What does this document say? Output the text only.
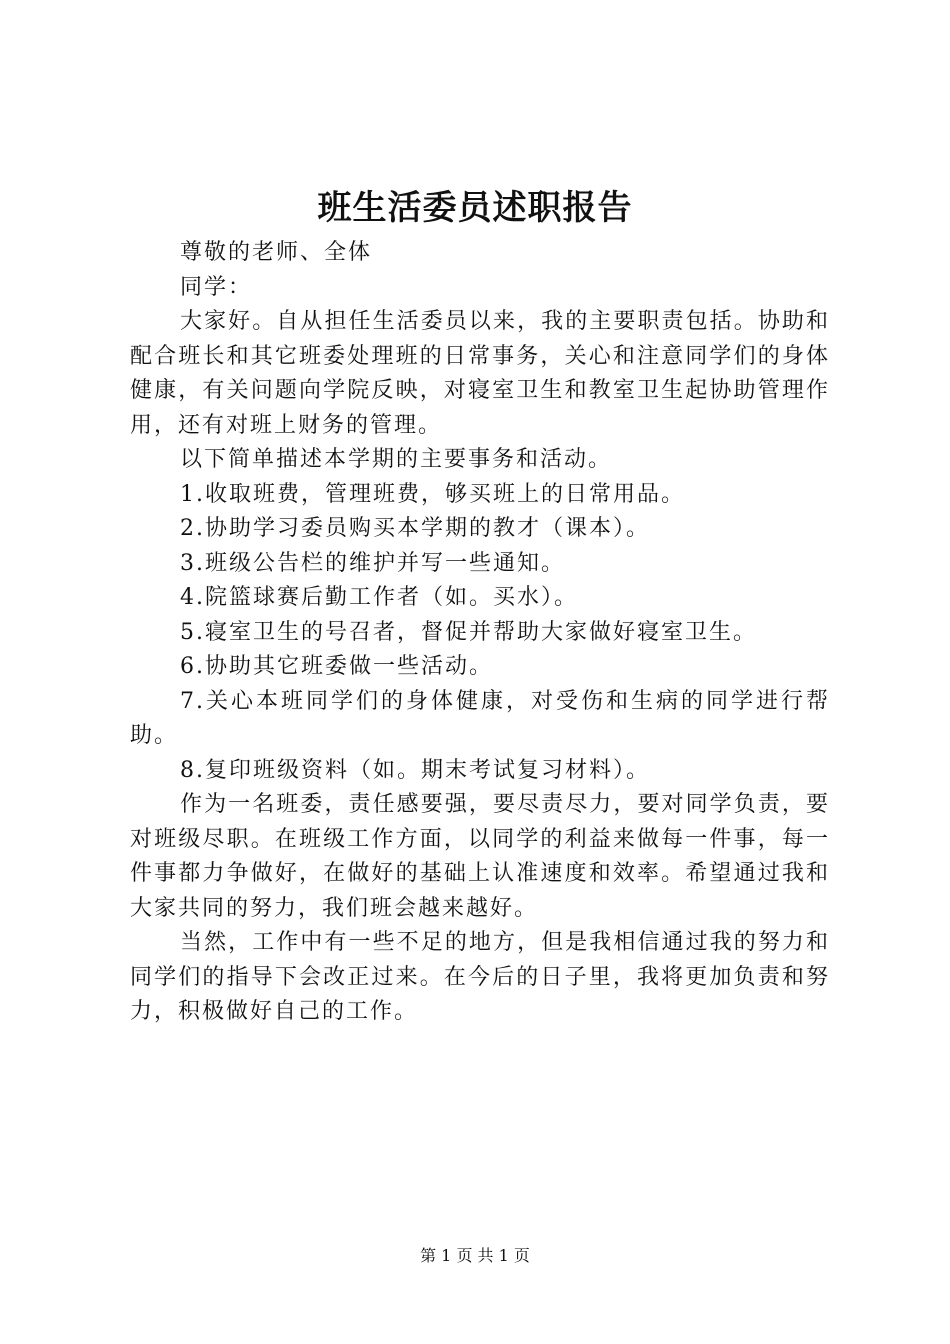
班生活委员述职报告

尊敬的老师、全体

同学：

大家好。自从担任生活委员以来，我的主要职责包括。协助和配合班长和其它班委处理班的日常事务，关心和注意同学们的身体健康，有关问题向学院反映，对寝室卫生和教室卫生起协助管理作用，还有对班上财务的管理。

以下简单描述本学期的主要事务和活动。

1.收取班费，管理班费，够买班上的日常用品。

2.协助学习委员购买本学期的教才（课本）。

3.班级公告栏的维护并写一些通知。

4.院篮球赛后勤工作者（如。买水）。

5.寝室卫生的号召者，督促并帮助大家做好寝室卫生。

6.协助其它班委做一些活动。

7.关心本班同学们的身体健康，对受伤和生病的同学进行帮助。

8.复印班级资料（如。期末考试复习材料）。

作为一名班委，责任感要强，要尽责尽力，要对同学负责，要对班级尽职。在班级工作方面，以同学的利益来做每一件事，每一件事都力争做好，在做好的基础上认准速度和效率。希望通过我和大家共同的努力，我们班会越来越好。

当然，工作中有一些不足的地方，但是我相信通过我的努力和同学们的指导下会改正过来。在今后的日子里，我将更加负责和努力，积极做好自己的工作。

第 1 页 共 1 页
